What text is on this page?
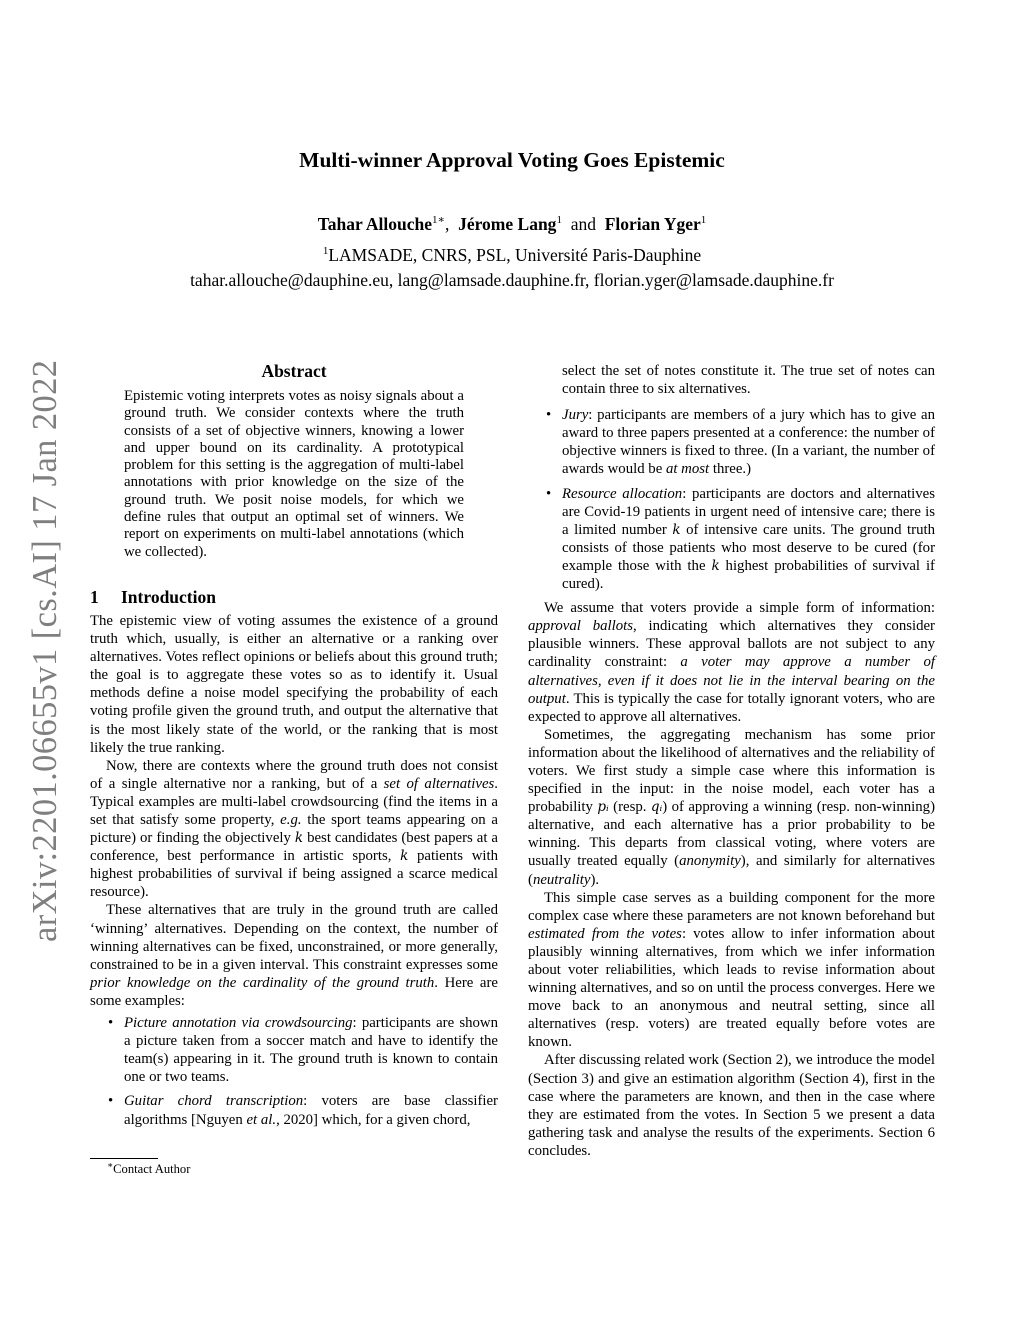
arXiv:2201.06655v1 [cs.AI] 17 Jan 2022
Multi-winner Approval Voting Goes Epistemic
Tahar Allouche$^{1∗}$,  Jérome Lang$^1$ and Florian Yger$^1$
$^1$LAMSADE, CNRS, PSL, Université Paris-Dauphine
tahar.allouche@dauphine.eu, lang@lamsade.dauphine.fr, florian.yger@lamsade.dauphine.fr
Abstract
Epistemic voting interprets votes as noisy signals about a ground truth. We consider contexts where the truth consists of a set of objective winners, knowing a lower and upper bound on its cardinality. A prototypical problem for this setting is the aggregation of multi-label annotations with prior knowledge on the size of the ground truth. We posit noise models, for which we define rules that output an optimal set of winners. We report on experiments on multi-label annotations (which we collected).
1 Introduction

The epistemic view of voting assumes the existence of a ground truth which, usually, is either an alternative or a ranking over alternatives. Votes reflect opinions or beliefs about this ground truth; the goal is to aggregate these votes so as to identify it. Usual methods define a noise model specifying the probability of each voting profile given the ground truth, and output the alternative that is the most likely state of the world, or the ranking that is most likely the true ranking.

Now, there are contexts where the ground truth does not consist of a single alternative nor a ranking, but of a set of alternatives. Typical examples are multi-label crowdsourcing (find the items in a set that satisfy some property, e.g. the sport teams appearing on a picture) or finding the objectively k best candidates (best papers at a conference, best performance in artistic sports, k patients with highest probabilities of survival if being assigned a scarce medical resource).

These alternatives that are truly in the ground truth are called ‘winning’ alternatives. Depending on the context, the number of winning alternatives can be fixed, unconstrained, or more generally, constrained to be in a given interval. This constraint expresses some prior knowledge on the cardinality of the ground truth. Here are some examples:

• Picture annotation via crowdsourcing: participants are shown a picture taken from a soccer match and have to identify the team(s) appearing in it. The ground truth is known to contain one or two teams.
• Guitar chord transcription: voters are base classifier algorithms [Nguyen et al., 2020] which, for a given chord,
∗Contact Author
select the set of notes constitute it. The true set of notes can contain three to six alternatives.
• Jury: participants are members of a jury which has to give an award to three papers presented at a conference: the number of objective winners is fixed to three. (In a variant, the number of awards would be at most three.)
• Resource allocation: participants are doctors and alternatives are Covid-19 patients in urgent need of intensive care; there is a limited number k of intensive care units. The ground truth consists of those patients who most deserve to be cured (for example those with the k highest probabilities of survival if cured).

We assume that voters provide a simple form of information: approval ballots, indicating which alternatives they consider plausible winners. These approval ballots are not subject to any cardinality constraint: a voter may approve a number of alternatives, even if it does not lie in the interval bearing on the output. This is typically the case for totally ignorant voters, who are expected to approve all alternatives.

Sometimes, the aggregating mechanism has some prior information about the likelihood of alternatives and the reliability of voters. We first study a simple case where this information is specified in the input: in the noise model, each voter has a probability pᵢ (resp. qᵢ) of approving a winning (resp. non-winning) alternative, and each alternative has a prior probability to be winning. This departs from classical voting, where voters are usually treated equally (anonymity), and similarly for alternatives (neutrality).

This simple case serves as a building component for the more complex case where these parameters are not known beforehand but estimated from the votes: votes allow to infer information about plausibly winning alternatives, from which we infer information about voter reliabilities, which leads to revise information about winning alternatives, and so on until the process converges. Here we move back to an anonymous and neutral setting, since all alternatives (resp. voters) are treated equally before votes are known.

After discussing related work (Section 2), we introduce the model (Section 3) and give an estimation algorithm (Section 4), first in the case where the parameters are known, and then in the case where they are estimated from the votes. In Section 5 we present a data gathering task and analyse the results of the experiments. Section 6 concludes.
